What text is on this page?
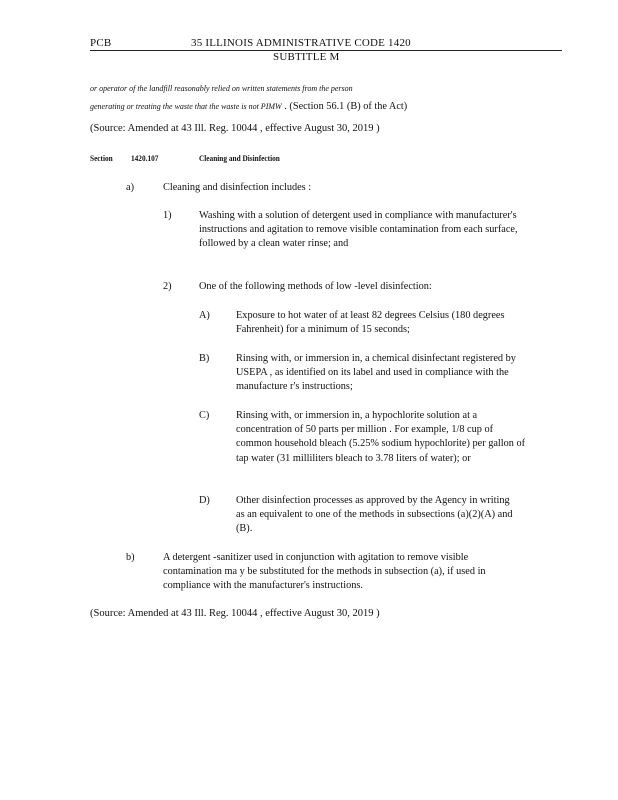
PCB	35 ILLINOIS ADMINISTRATIVE CODE 1420
SUBTITLE M
or operator of the landfill reasonably relied on written statements from the person
generating or treating the waste that the waste is not PIMW . (Section 56.1 (B) of the Act)
(Source: Amended at 43 Ill. Reg. 10044 , effective August 30, 2019 )
Section 1420.107	Cleaning and Disinfection
a)	Cleaning and disinfection includes :
1)	Washing with a solution of detergent used in compliance with manufacturer's instructions and agitation to remove visible contamination from each surface, followed by a clean water rinse; and
2)	One of the following methods of low -level disinfection:
A)	Exposure to hot water of at least 82 degrees Celsius (180 degrees Fahrenheit) for a minimum of 15 seconds;
B)	Rinsing with, or immersion in, a chemical disinfectant registered by USEPA , as identified on its label and used in compliance with the manufacture r's instructions;
C)	Rinsing with, or immersion in, a hypochlorite solution at a concentration of 50 parts per million . For example, 1/8 cup of common household bleach (5.25% sodium hypochlorite) per gallon of tap water (31 milliliters bleach to 3.78 liters of water); or
D)	Other disinfection processes as approved by the Agency in writing as an equivalent to one of the methods in subsections (a)(2)(A) and (B).
b)	A detergent -sanitizer used in conjunction with agitation to remove visible contamination ma y be substituted for the methods in subsection (a), if used in compliance with the manufacturer's instructions.
(Source: Amended at 43 Ill. Reg. 10044 , effective August 30, 2019 )
